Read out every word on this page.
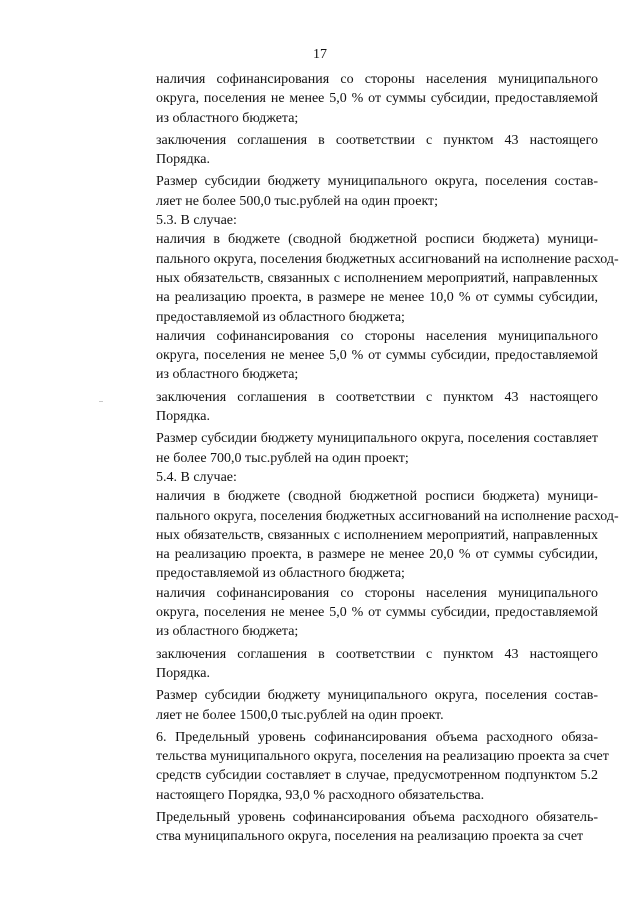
17

наличия софинансирования со стороны населения муниципального
округа, поселения не менее 5,0 % от суммы субсидии, предоставляемой
из областного бюджета;

заключения соглашения в соответствии с пунктом 43 настоящего
Порядка.

Размер субсидии бюджету муниципального округа, поселения состав-
ляет не более 500,0 тыс.рублей на один проект;

5.3. В случае:

наличия в бюджете (сводной бюджетной росписи бюджета) муници-
пального округа, поселения бюджетных ассигнований на исполнение расход-
ных обязательств, связанных с исполнением мероприятий, направленных
на реализацию проекта, в размере не менее 10,0 % от суммы субсидии,
предоставляемой из областного бюджета;

наличия софинансирования со стороны населения муниципального
округа, поселения не менее 5,0 % от суммы субсидии, предоставляемой
из областного бюджета;

заключения соглашения в соответствии с пунктом 43 настоящего
Порядка.

Размер субсидии бюджету муниципального округа, поселения составляет
не более 700,0 тыс.рублей на один проект;

5.4. В случае:

наличия в бюджете (сводной бюджетной росписи бюджета) муници-
пального округа, поселения бюджетных ассигнований на исполнение расход-
ных обязательств, связанных с исполнением мероприятий, направленных
на реализацию проекта, в размере не менее 20,0 % от суммы субсидии,
предоставляемой из областного бюджета;

наличия софинансирования со стороны населения муниципального
округа, поселения не менее 5,0 % от суммы субсидии, предоставляемой
из областного бюджета;

заключения соглашения в соответствии с пунктом 43 настоящего
Порядка.

Размер субсидии бюджету муниципального округа, поселения состав-
ляет не более 1500,0 тыс.рублей на один проект.

6. Предельный уровень софинансирования объема расходного обяза-
тельства муниципального округа, поселения на реализацию проекта за счет
средств субсидии составляет в случае, предусмотренном подпунктом 5.2
настоящего Порядка, 93,0 % расходного обязательства.

Предельный уровень софинансирования объема расходного обязатель-
ства муниципального округа, поселения на реализацию проекта за счет
